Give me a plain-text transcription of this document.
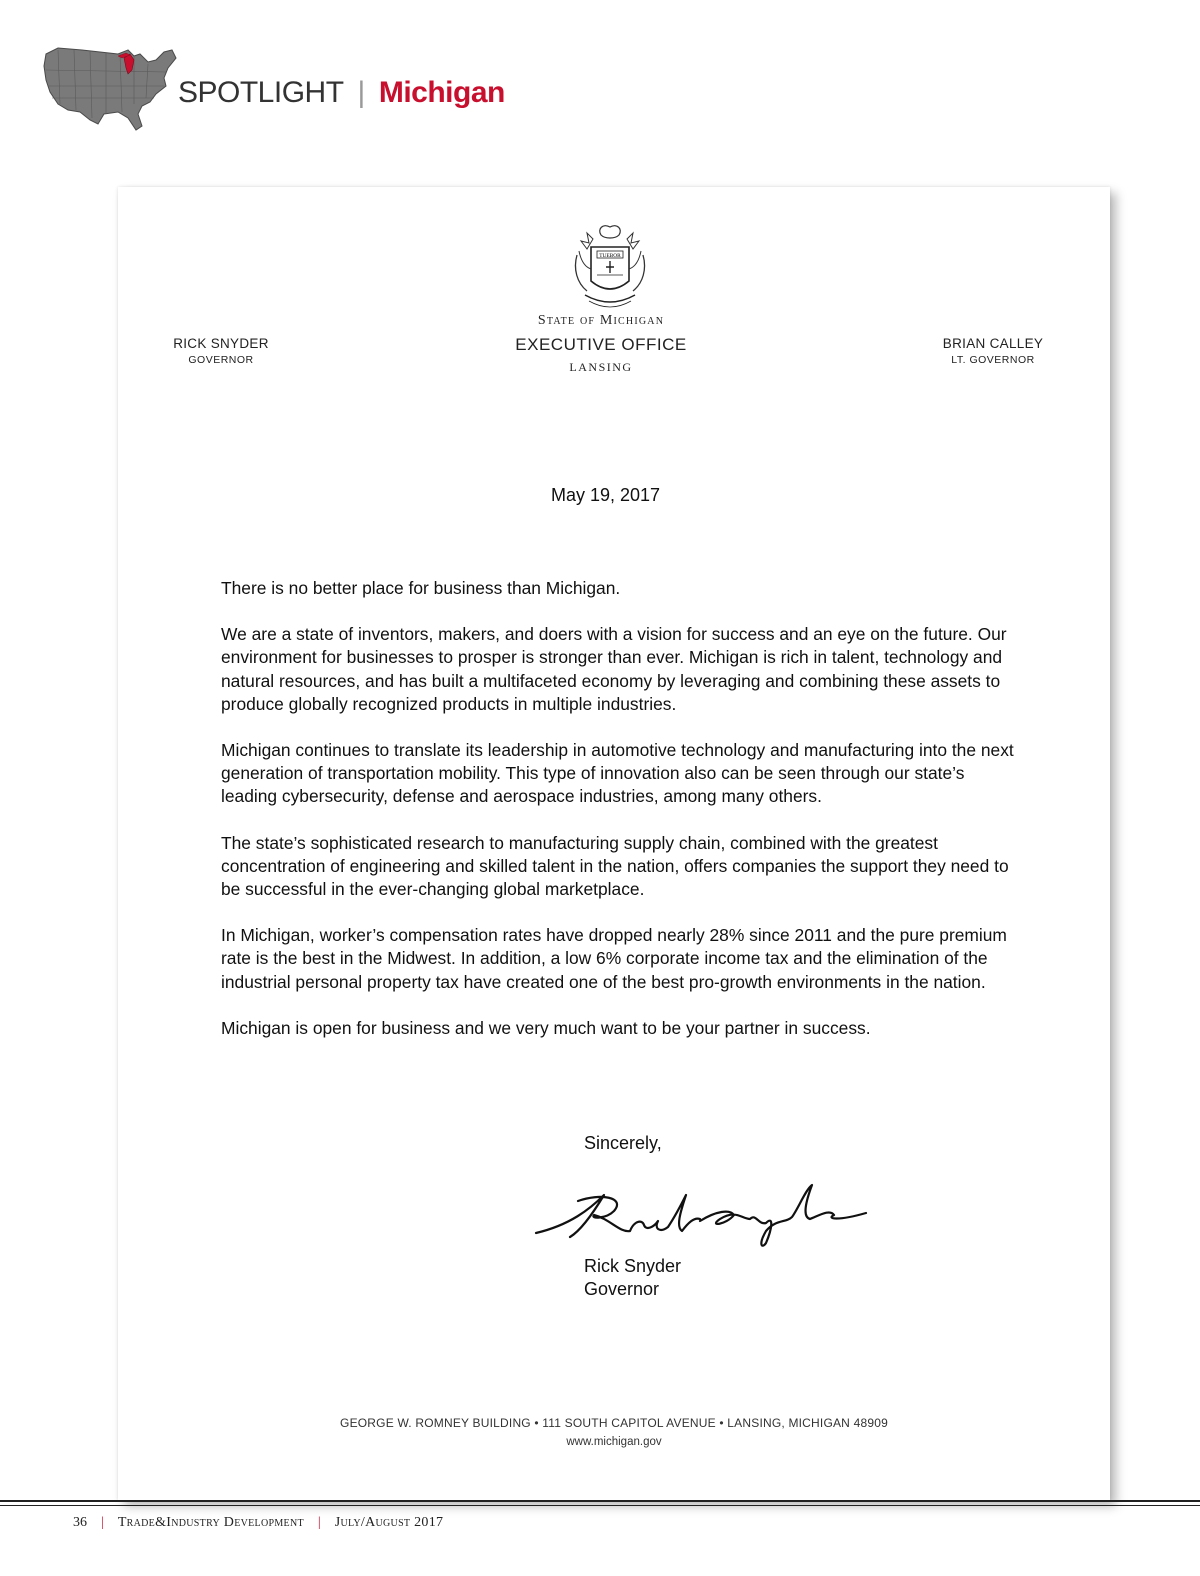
SPOTLIGHT | Michigan
TUEBOR
State of Michigan
EXECUTIVE OFFICE
LANSING
RICK SNYDER
GOVERNOR
BRIAN CALLEY
LT. GOVERNOR
May 19, 2017

There is no better place for business than Michigan.

We are a state of inventors, makers, and doers with a vision for success and an eye on the future. Our environment for businesses to prosper is stronger than ever. Michigan is rich in talent, technology and natural resources, and has built a multifaceted economy by leveraging and combining these assets to produce globally recognized products in multiple industries.

Michigan continues to translate its leadership in automotive technology and manufacturing into the next generation of transportation mobility. This type of innovation also can be seen through our state’s leading cybersecurity, defense and aerospace industries, among many others.

The state’s sophisticated research to manufacturing supply chain, combined with the greatest concentration of engineering and skilled talent in the nation, offers companies the support they need to be successful in the ever-changing global marketplace.

In Michigan, worker’s compensation rates have dropped nearly 28% since 2011 and the pure premium rate is the best in the Midwest. In addition, a low 6% corporate income tax and the elimination of the industrial personal property tax have created one of the best pro-growth environments in the nation.

Michigan is open for business and we very much want to be your partner in success.

Sincerely,
Rick Snyder
Governor
GEORGE W. ROMNEY BUILDING • 111 SOUTH CAPITOL AVENUE • LANSING, MICHIGAN 48909
www.michigan.gov
36 | Trade&Industry Development | July/August 2017
